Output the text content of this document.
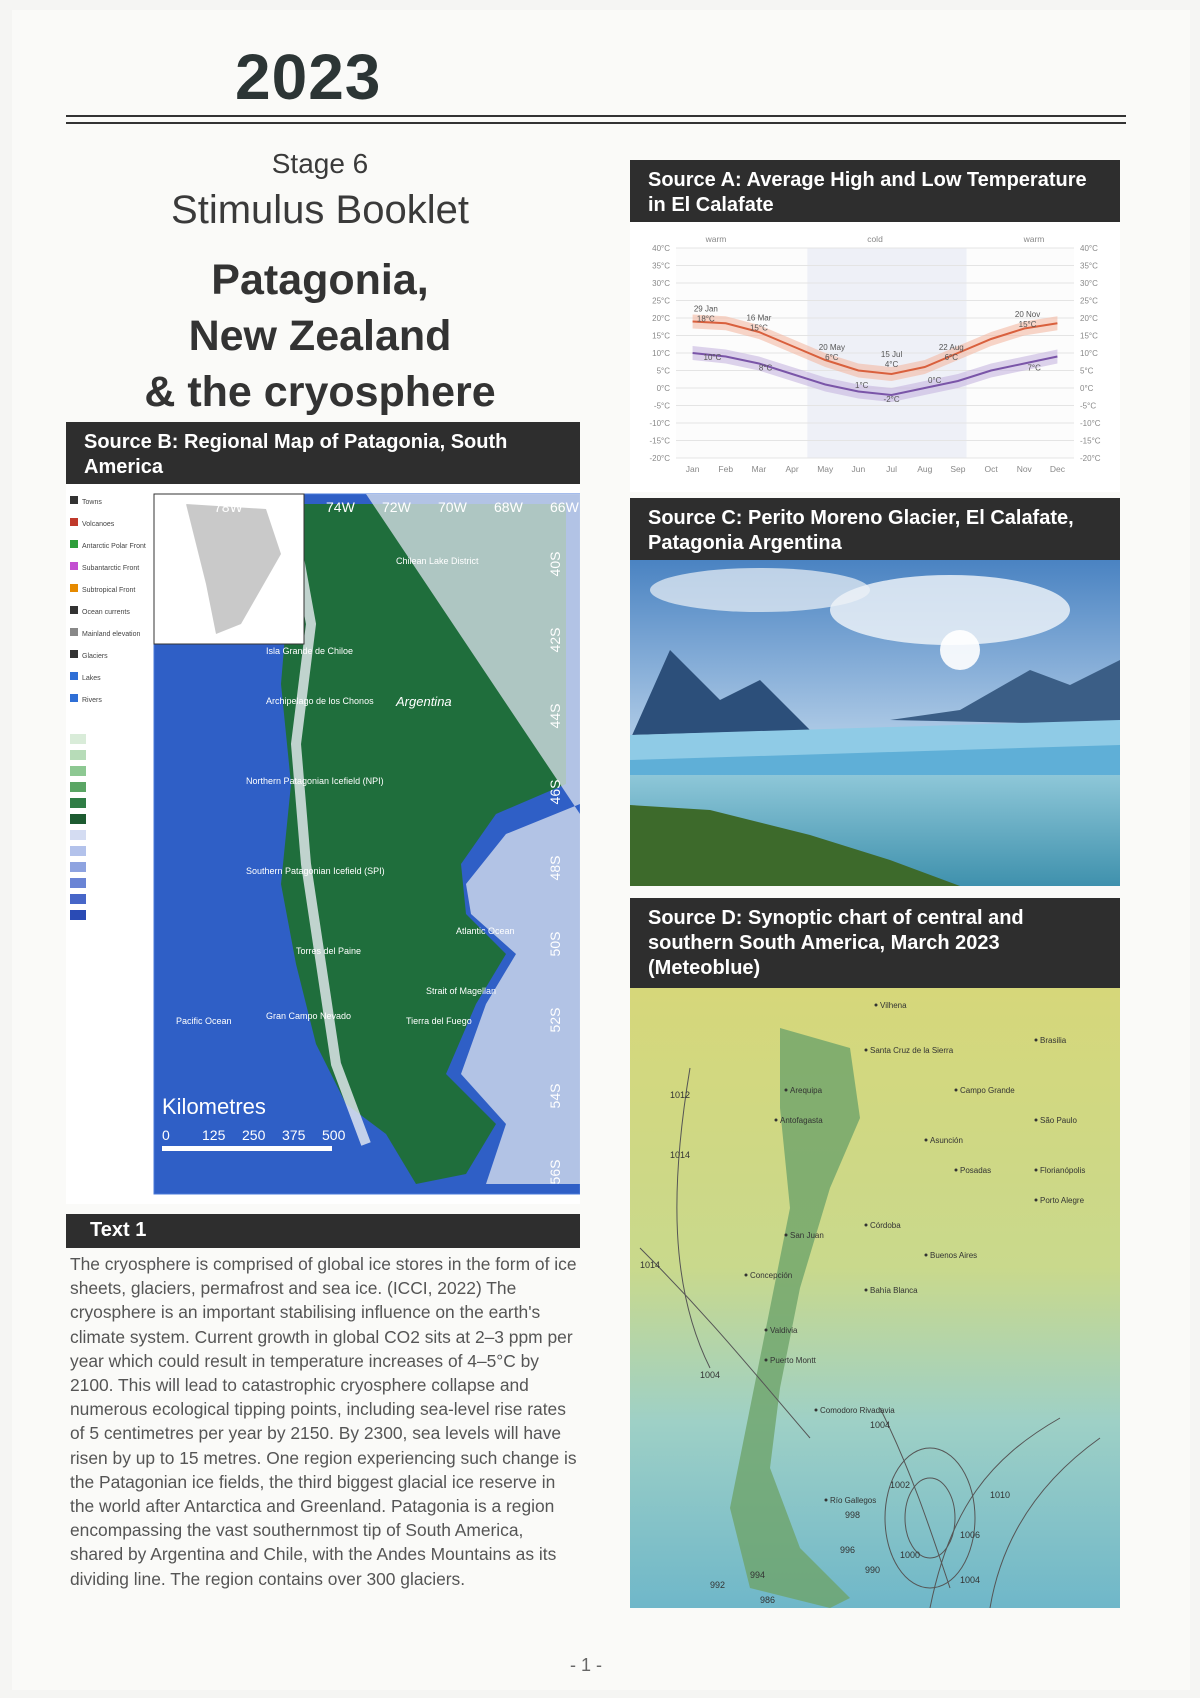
2023
Stage 6
Stimulus Booklet
Patagonia,
New Zealand
& the cryosphere
Source A: Average High and Low Temperature in El Calafate
40°C	40°C
35°C	35°C
30°C	30°C
25°C	25°C
20°C	20°C
15°C	15°C
10°C	10°C
5°C	5°C
0°C	0°C
-5°C	-5°C
-10°C	-10°C
-15°C	-15°C
-20°C	-20°C
Jan Feb Mar Apr May Jun Jul Aug Sep Oct Nov Dec
warm	cold	warm
29 Jan
18°C	16 Mar
15°C
20 May
6°C	15 Jul
4°C
22 Aug
6°C
20 Nov
15°C
10°C
8°C
1°C
-2°C
0°C
7°C
Source B: Regional Map of Patagonia, South America
Towns
Volcanoes
Antarctic Polar Front
Subantarctic Front
Subtropical Front
Ocean currents
Mainland elevation
Glaciers
Lakes
Rivers
80W 78W 76W 74W 72W 70W 68W 66W
40S
42S
44S
46S
48S
50S
52S
54S
56S
Argentina
Chilean Lake District
Archipelago de los Chonos
Northern Patagonian Icefield (NPI)
Southern Patagonian Icefield (SPI)
Torres del Paine
Gran Campo Nevado
Atlantic Ocean
Pacific Ocean
Strait of Magellan
Tierra del Fuego
Isla Grande de Chiloe
Kilometres
0 125 250 375 500
Text 1
The cryosphere is comprised of global ice stores in the form of ice sheets, glaciers, permafrost and sea ice. (ICCI, 2022) The cryosphere is an important stabilising influence on the earth's climate system. Current growth in global CO2 sits at 2–3 ppm per year which could result in temperature increases of 4–5°C by 2100. This will lead to catastrophic cryosphere collapse and numerous ecological tipping points, including sea-level rise rates of 5 centimetres per year by 2150. By 2300, sea levels will have risen by up to 15 metres. One region experiencing such change is the Patagonian ice fields, the third biggest glacial ice reserve in the world after Antarctica and Greenland. Patagonia is a region encompassing the vast southernmost tip of South America, shared by Argentina and Chile, with the Andes Mountains as its dividing line. The region contains over 300 glaciers.
Source C: Perito Moreno Glacier, El Calafate, Patagonia Argentina
Source D: Synoptic chart of central and southern South America, March 2023 (Meteoblue)
1012
1014
1014
1004
1004
1002
1010
1000
998
996
990
992
994
986
1006
1004
Vilhena
Brasilia
Santa Cruz de la Sierra
Arequipa	Campo Grande
Antofagasta	São Paulo
Asunción
Posadas	Florianópolis
Córdoba
Porto Alegre
San Juan
Buenos Aires
Concepción
Bahía Blanca
Valdivia
Puerto Montt
Comodoro Rivadavia
Río Gallegos
- 1 -
